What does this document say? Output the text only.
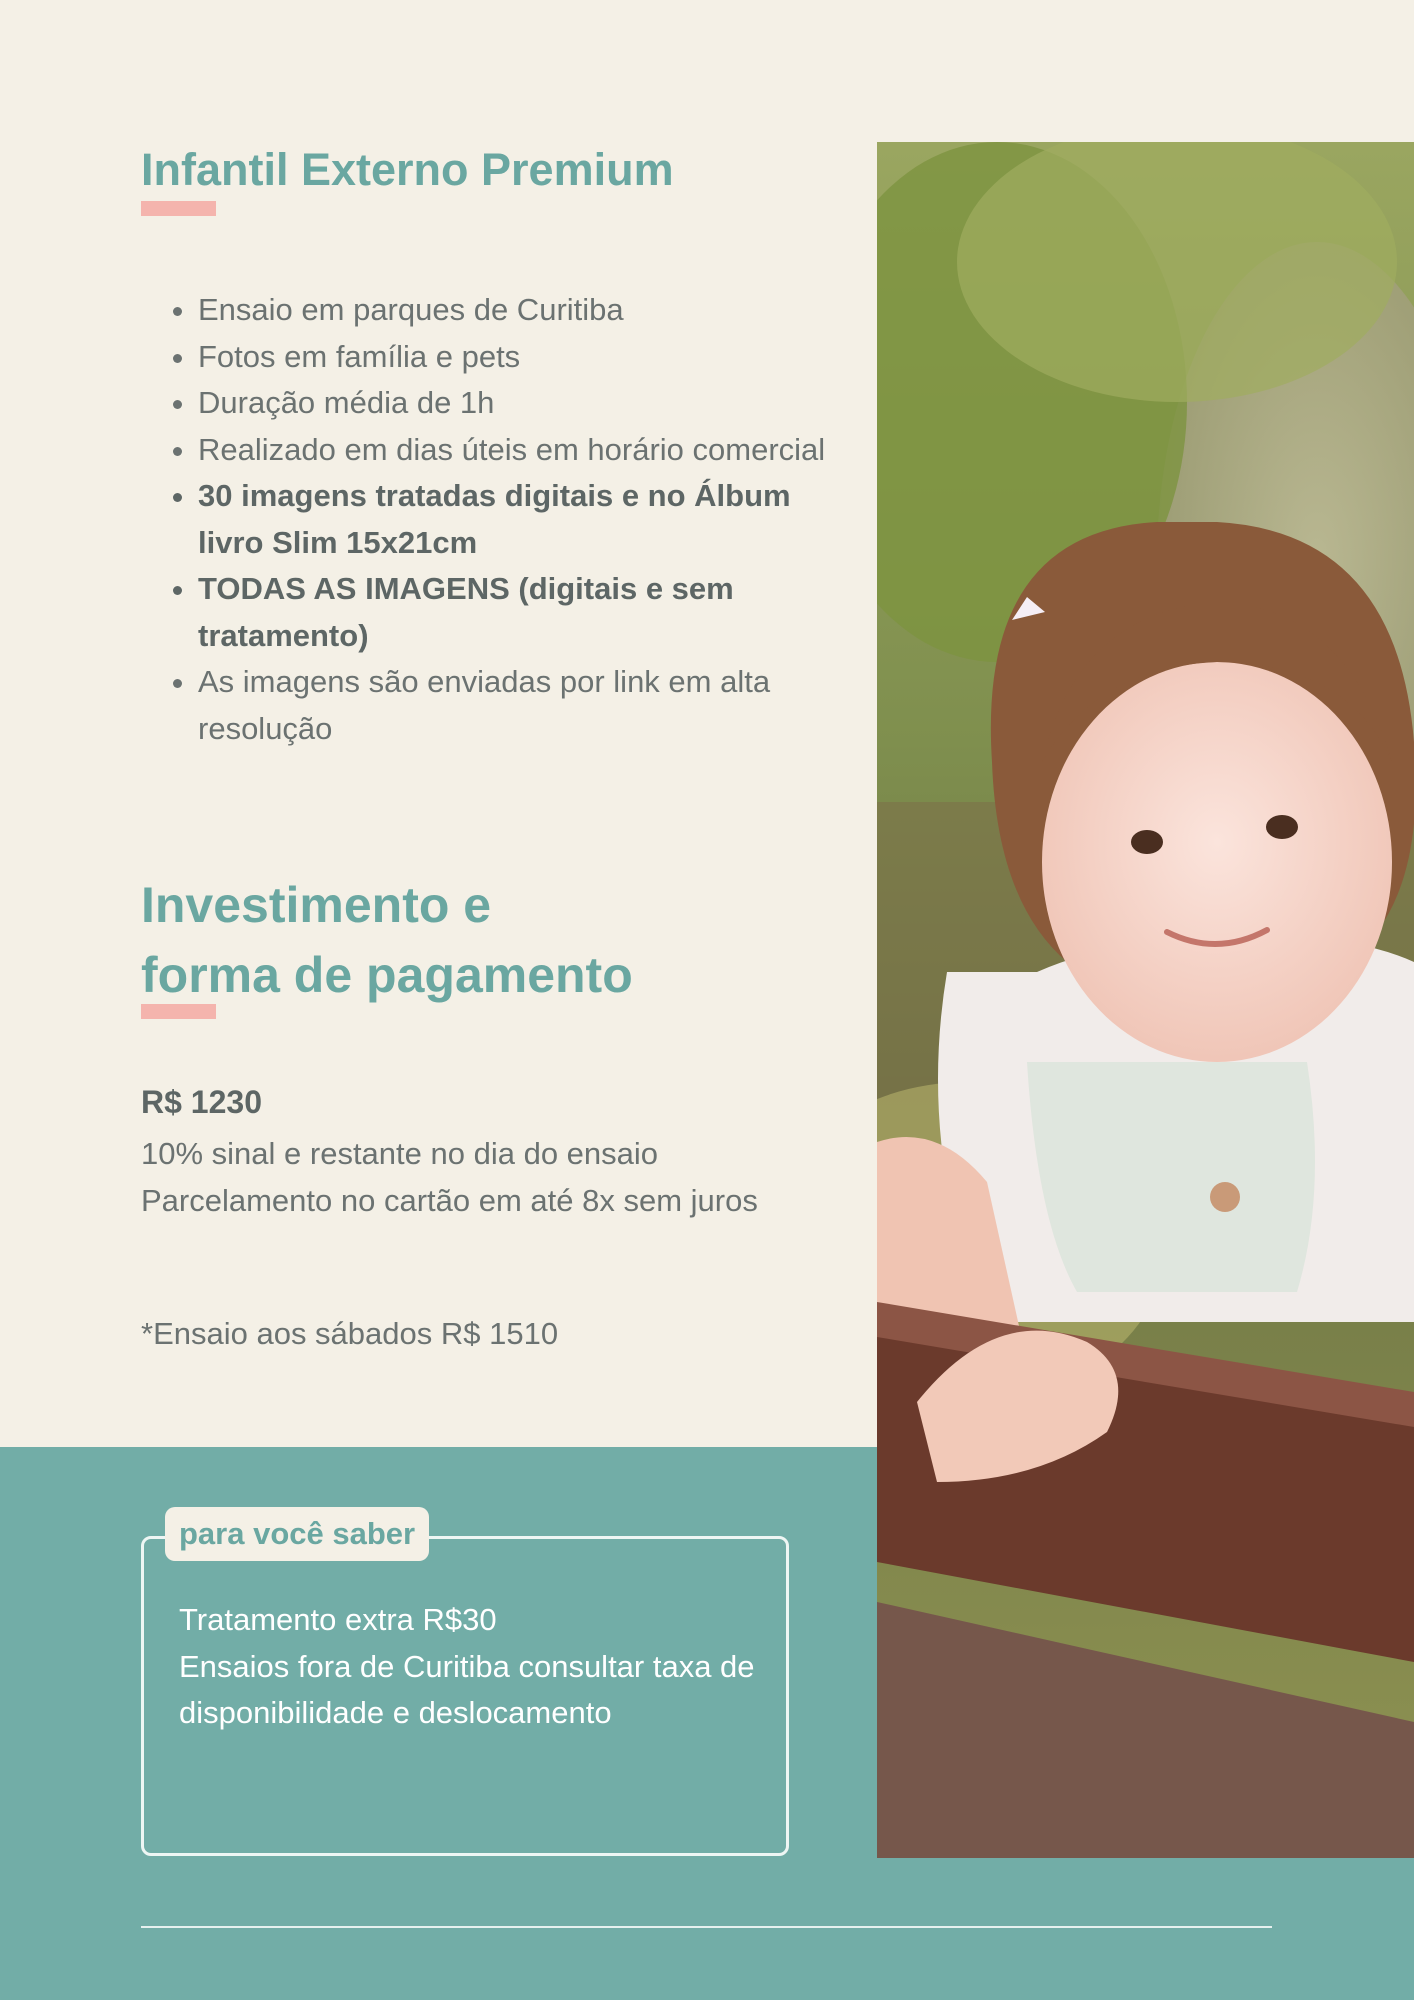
Infantil Externo Premium
• Ensaio em parques de Curitiba
• Fotos em família e pets
• Duração média de 1h
• Realizado em dias úteis em horário comercial
• 30 imagens tratadas digitais e no Álbum livro Slim 15x21cm
• TODAS AS IMAGENS (digitais e sem tratamento)
• As imagens são enviadas por link em alta resolução
Investimento e
forma de pagamento
R$ 1230
10% sinal e restante no dia do ensaio
Parcelamento no cartão em até 8x sem juros
*Ensaio aos sábados R$ 1510
para você saber
Tratamento extra R$30
Ensaios fora de Curitiba consultar taxa de disponibilidade e deslocamento
